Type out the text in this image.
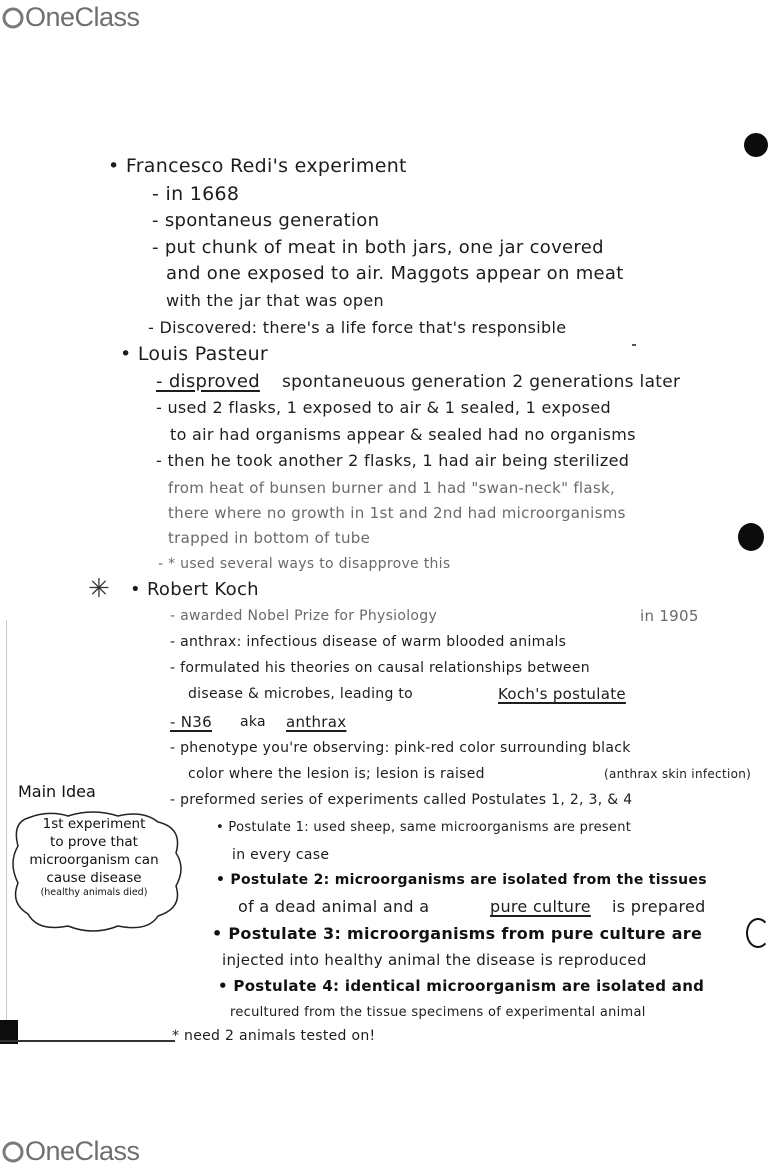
OneClass
✳
• Francesco Redi's experiment
- in 1668
- spontaneus generation
- put chunk of meat in both jars, one jar covered
and one exposed to air. Maggots appear on meat
with the jar that was open
- Discovered: there's a life force that's responsible
• Louis Pasteur
- disproved spontaneuous generation 2 generations later
- used 2 flasks, 1 exposed to air & 1 sealed, 1 exposed
to air had organisms appear & sealed had no organisms
- then he took another 2 flasks, 1 had air being sterilized
from heat of bunsen burner and 1 had "swan-neck" flask,
there where no growth in 1st and 2nd had microorganisms
trapped in bottom of tube
- * used several ways to disapprove this
• Robert Koch
- awarded Nobel Prize for Physiology	in 1905
- anthrax: infectious disease of warm blooded animals
- formulated his theories on causal relationships between
disease & microbes, leading to	Koch's postulate
- N36 aka anthrax
- phenotype you're observing: pink-red color surrounding black
color where the lesion is; lesion is raised	(anthrax skin infection)
- preformed series of experiments called Postulates 1, 2, 3, & 4
• Postulate 1: used sheep, same microorganisms are present
in every case
• Postulate 2: microorganisms are isolated from the tissues
of a dead animal and a	pure culture is prepared
• Postulate 3: microorganisms from pure culture are
injected into healthy animal the disease is reproduced
• Postulate 4: identical microorganism are isolated and
recultured from the tissue specimens of experimental animal
* need 2 animals tested on!
Main Idea
1st experiment
to prove that
microorganism can
cause disease
(healthy animals died)
OneClass
